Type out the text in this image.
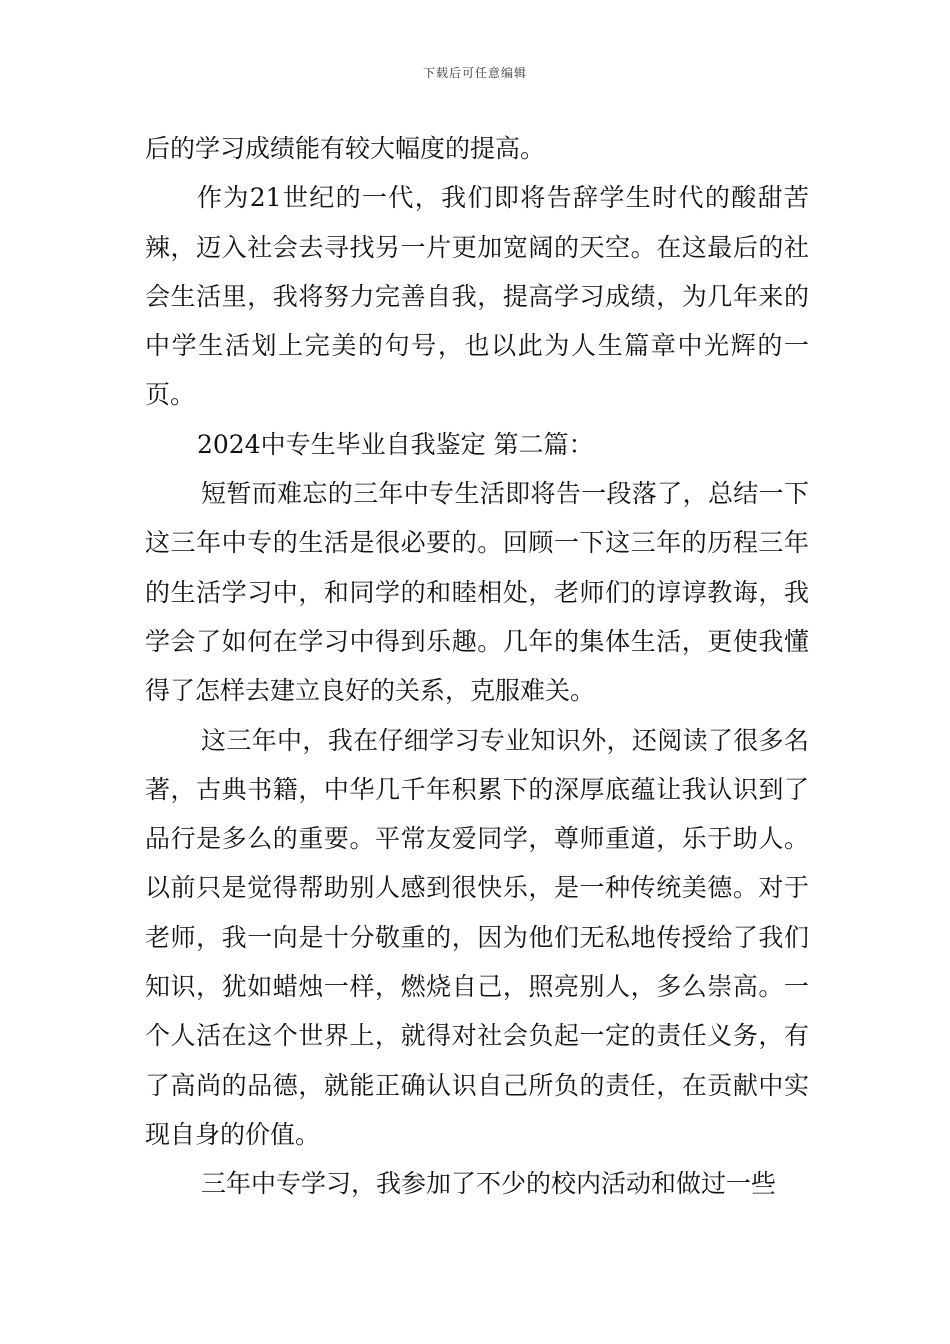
下载后可任意编辑

后的学习成绩能有较大幅度的提高。

作为21世纪的一代，我们即将告辞学生时代的酸甜苦辣，迈入社会去寻找另一片更加宽阔的天空。在这最后的社会生活里，我将努力完善自我，提高学习成绩，为几年来的中学生活划上完美的句号，也以此为人生篇章中光辉的一页。

2024中专生毕业自我鉴定 第二篇：

短暂而难忘的三年中专生活即将告一段落了，总结一下这三年中专的生活是很必要的。回顾一下这三年的历程三年的生活学习中，和同学的和睦相处，老师们的谆谆教诲，我学会了如何在学习中得到乐趣。几年的集体生活，更使我懂得了怎样去建立良好的关系，克服难关。

这三年中，我在仔细学习专业知识外，还阅读了很多名著，古典书籍，中华几千年积累下的深厚底蕴让我认识到了品行是多么的重要。平常友爱同学，尊师重道，乐于助人。以前只是觉得帮助别人感到很快乐，是一种传统美德。对于老师，我一向是十分敬重的，因为他们无私地传授给了我们知识，犹如蜡烛一样，燃烧自己，照亮别人，多么崇高。一个人活在这个世界上，就得对社会负起一定的责任义务，有了高尚的品德，就能正确认识自己所负的责任，在贡献中实现自身的价值。

三年中专学习，我参加了不少的校内活动和做过一些
